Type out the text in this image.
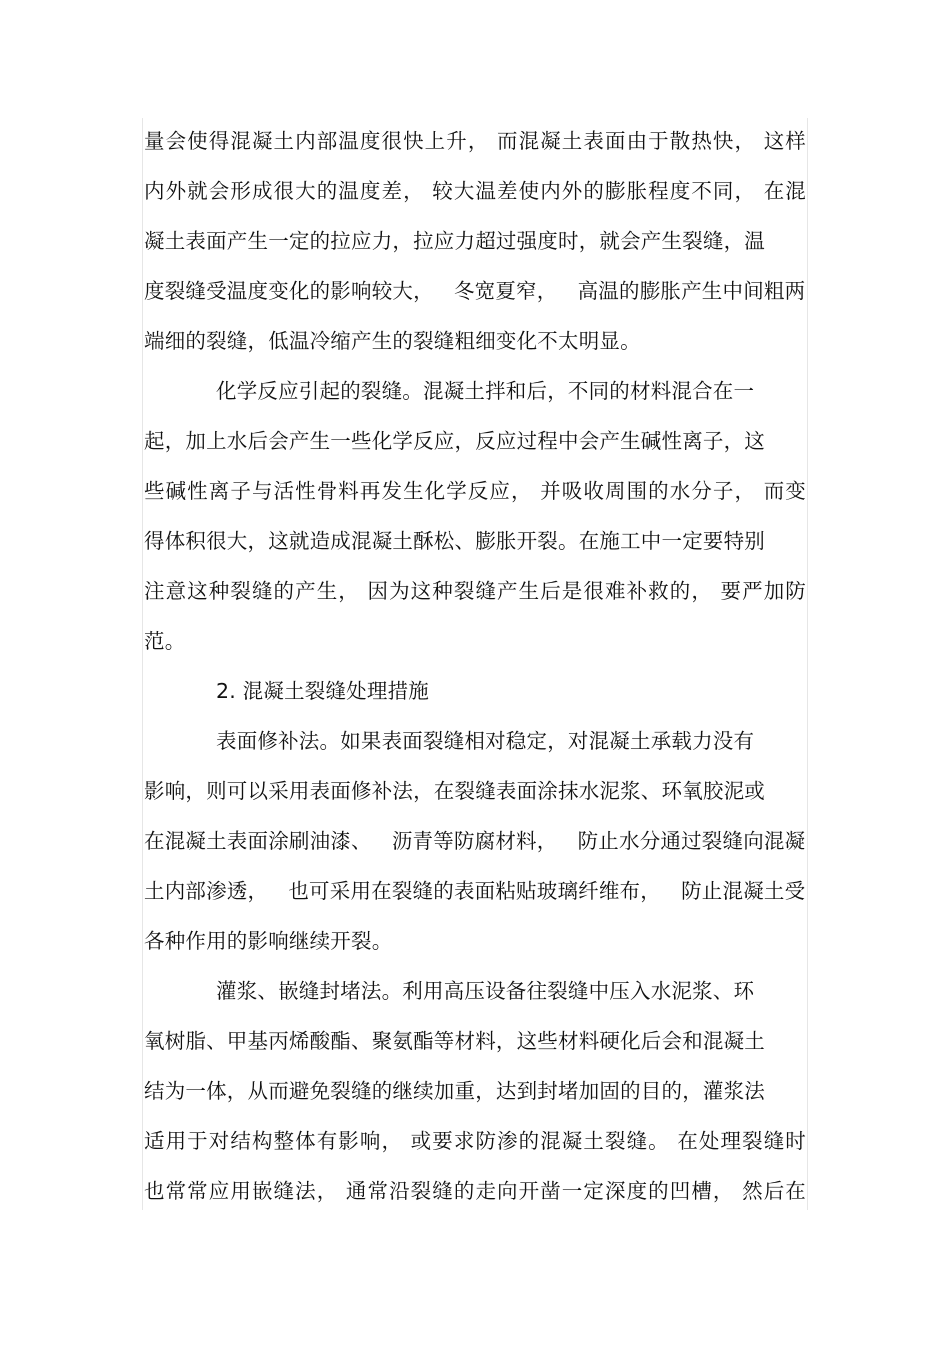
量会使得混凝土内部温度很快上升， 而混凝土表面由于散热快， 这样
内外就会形成很大的温度差， 较大温差使内外的膨胀程度不同， 在混
凝土表面产生一定的拉应力，拉应力超过强度时，就会产生裂缝，温
度裂缝受温度变化的影响较大，   冬宽夏窄，   高温的膨胀产生中间粗两
端细的裂缝，低温冷缩产生的裂缝粗细变化不太明显。
化学反应引起的裂缝。混凝土拌和后，不同的材料混合在一
起，加上水后会产生一些化学反应，反应过程中会产生碱性离子，这
些碱性离子与活性骨料再发生化学反应， 并吸收周围的水分子， 而变
得体积很大，这就造成混凝土酥松、膨胀开裂。在施工中一定要特别
注意这种裂缝的产生， 因为这种裂缝产生后是很难补救的， 要严加防
范。
2. 混凝土裂缝处理措施
表面修补法。如果表面裂缝相对稳定，对混凝土承载力没有
影响，则可以采用表面修补法，在裂缝表面涂抹水泥浆、环氧胶泥或
在混凝土表面涂刷油漆、   沥青等防腐材料，   防止水分通过裂缝向混凝
土内部渗透，   也可采用在裂缝的表面粘贴玻璃纤维布，   防止混凝土受
各种作用的影响继续开裂。
灌浆、嵌缝封堵法。利用高压设备往裂缝中压入水泥浆、环
氧树脂、甲基丙烯酸酯、聚氨酯等材料，这些材料硬化后会和混凝土
结为一体，从而避免裂缝的继续加重，达到封堵加固的目的，灌浆法
适用于对结构整体有影响， 或要求防渗的混凝土裂缝。 在处理裂缝时
也常常应用嵌缝法， 通常沿裂缝的走向开凿一定深度的凹槽， 然后在
